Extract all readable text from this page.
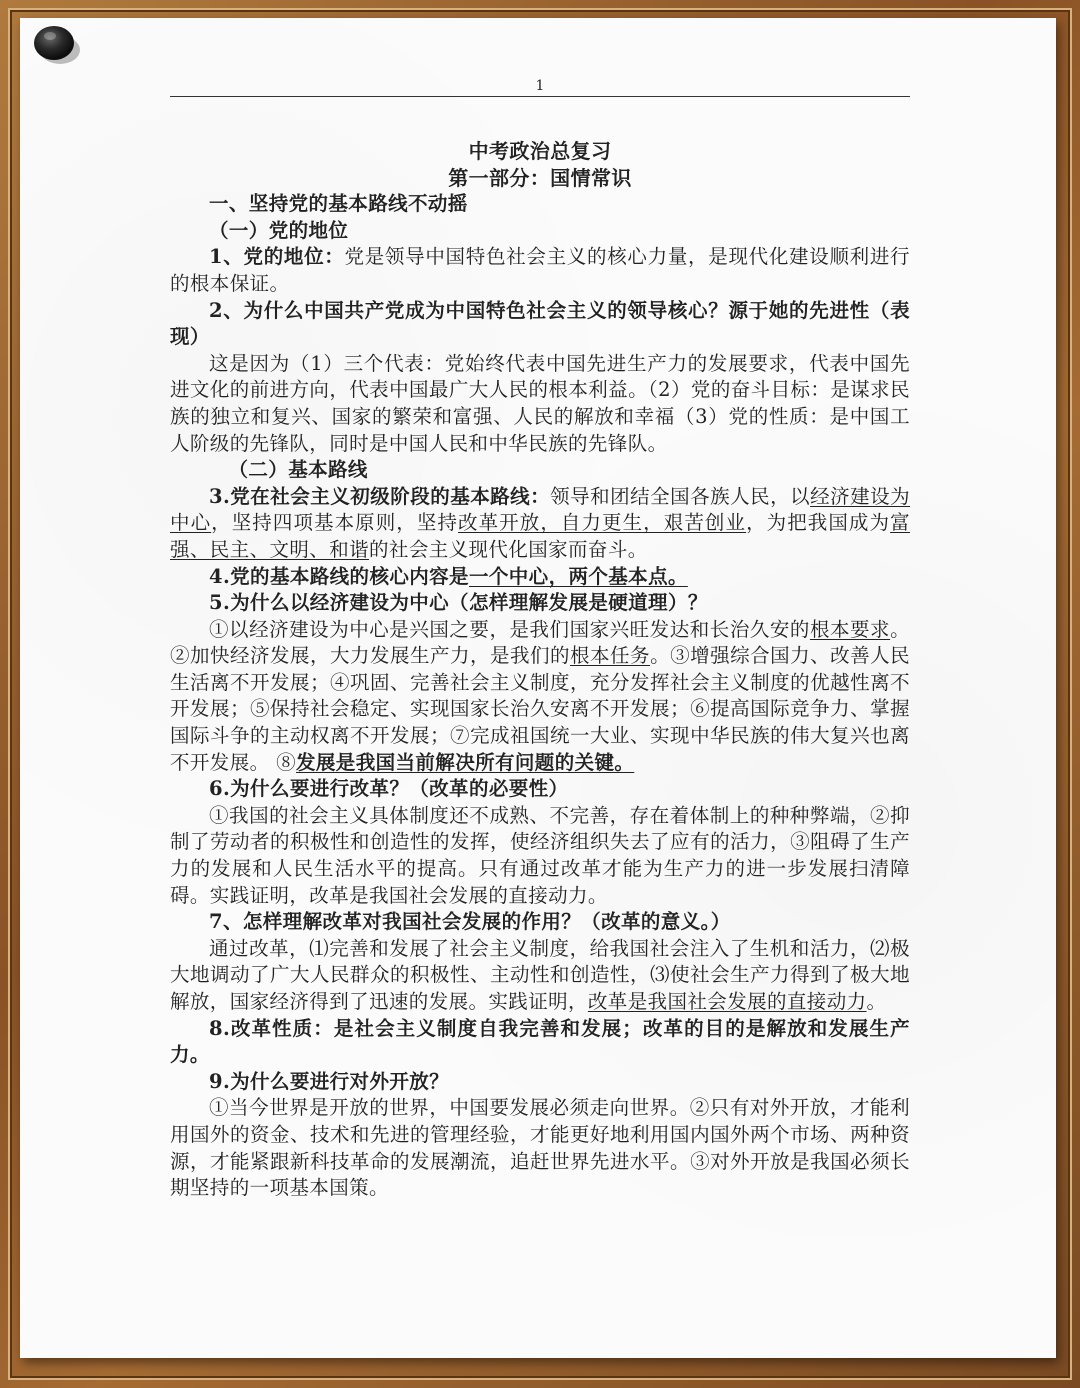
1

中考政治总复习

第一部分：国情常识

一、坚持党的基本路线不动摇

（一）党的地位

1、党的地位：党是领导中国特色社会主义的核心力量，是现代化建设顺利进行的根本保证。

2、为什么中国共产党成为中国特色社会主义的领导核心？源于她的先进性（表现）

这是因为（1）三个代表：党始终代表中国先进生产力的发展要求，代表中国先进文化的前进方向，代表中国最广大人民的根本利益。（2）党的奋斗目标：是谋求民族的独立和复兴、国家的繁荣和富强、人民的解放和幸福（3）党的性质：是中国工人阶级的先锋队，同时是中国人民和中华民族的先锋队。

（二）基本路线

3.党在社会主义初级阶段的基本路线：领导和团结全国各族人民，以经济建设为中心，坚持四项基本原则，坚持改革开放，自力更生，艰苦创业，为把我国成为富强、民主、文明、和谐的社会主义现代化国家而奋斗。

4.党的基本路线的核心内容是一个中心，两个基本点。

5.为什么以经济建设为中心（怎样理解发展是硬道理）？

①以经济建设为中心是兴国之要，是我们国家兴旺发达和长治久安的根本要求。②加快经济发展，大力发展生产力，是我们的根本任务。③增强综合国力、改善人民生活离不开发展；④巩固、完善社会主义制度，充分发挥社会主义制度的优越性离不开发展；⑤保持社会稳定、实现国家长治久安离不开发展；⑥提高国际竞争力、掌握国际斗争的主动权离不开发展；⑦完成祖国统一大业、实现中华民族的伟大复兴也离不开发展。 ⑧发展是我国当前解决所有问题的关键。

6.为什么要进行改革？（改革的必要性）

①我国的社会主义具体制度还不成熟、不完善，存在着体制上的种种弊端，②抑制了劳动者的积极性和创造性的发挥，使经济组织失去了应有的活力，③阻碍了生产力的发展和人民生活水平的提高。只有通过改革才能为生产力的进一步发展扫清障碍。实践证明，改革是我国社会发展的直接动力。

7、怎样理解改革对我国社会发展的作用？（改革的意义。）

通过改革，⑴完善和发展了社会主义制度，给我国社会注入了生机和活力，⑵极大地调动了广大人民群众的积极性、主动性和创造性，⑶使社会生产力得到了极大地解放，国家经济得到了迅速的发展。实践证明，改革是我国社会发展的直接动力。

8.改革性质：是社会主义制度自我完善和发展；改革的目的是解放和发展生产力。

9.为什么要进行对外开放？

①当今世界是开放的世界，中国要发展必须走向世界。②只有对外开放，才能利用国外的资金、技术和先进的管理经验，才能更好地利用国内国外两个市场、两种资源，才能紧跟新科技革命的发展潮流，追赶世界先进水平。③对外开放是我国必须长期坚持的一项基本国策。
